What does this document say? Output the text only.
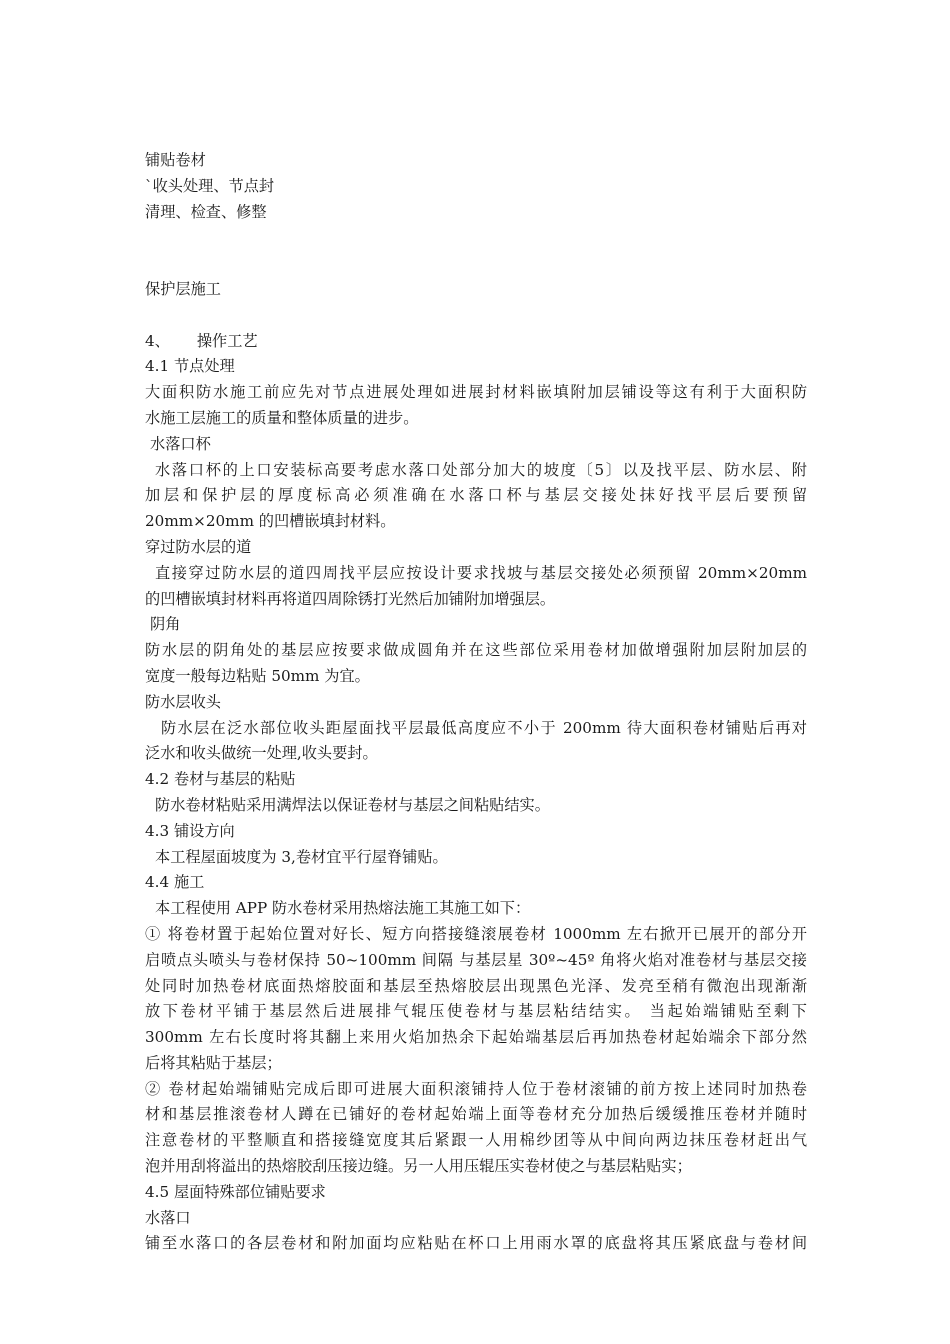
铺贴卷材
`收头处理、节点封
清理、检查、修整
保护层施工
4、 操作工艺
4.1 节点处理
大面积防水施工前应先对节点进展处理如进展封材料嵌填附加层铺设等这有利于大面积防
水施工层施工的质量和整体质量的进步。
水落口杯
水落口杯的上口安装标高要考虑水落口处部分加大的坡度〔5〕以及找平层、防水层、附
加层和保护层的厚度标高必须准确在水落口杯与基层交接处抹好找平层后要预留
20mm×20mm 的凹槽嵌填封材料。
穿过防水层的道
直接穿过防水层的道四周找平层应按设计要求找坡与基层交接处必须预留 20mm×20mm
的凹槽嵌填封材料再将道四周除锈打光然后加铺附加增强层。
阴角
防水层的阴角处的基层应按要求做成圆角并在这些部位采用卷材加做增强附加层附加层的
宽度一般每边粘贴 50mm 为宜。
防水层收头
防水层在泛水部位收头距屋面找平层最低高度应不小于 200mm 待大面积卷材铺贴后再对
泛水和收头做统一处理,收头要封。
4.2 卷材与基层的粘贴
防水卷材粘贴采用满焊法以保证卷材与基层之间粘贴结实。
4.3 铺设方向
本工程屋面坡度为 3,卷材宜平行屋脊铺贴。
4.4 施工
本工程使用 APP 防水卷材采用热熔法施工其施工如下：
① 将卷材置于起始位置对好长、短方向搭接缝滚展卷材 1000mm 左右掀开已展开的部分开
启喷点头喷头与卷材保持 50~100mm 间隔 与基层星 30º~45º 角将火焰对准卷材与基层交接
处同时加热卷材底面热熔胶面和基层至热熔胶层出现黑色光泽、发亮至稍有微泡出现渐渐
放下卷材平铺于基层然后进展排气辊压使卷材与基层粘结结实。 当起始端铺贴至剩下
300mm 左右长度时将其翻上来用火焰加热余下起始端基层后再加热卷材起始端余下部分然
后将其粘贴于基层；
② 卷材起始端铺贴完成后即可进展大面积滚铺持人位于卷材滚铺的前方按上述同时加热卷
材和基层推滚卷材人蹲在已铺好的卷材起始端上面等卷材充分加热后缓缓推压卷材并随时
注意卷材的平整顺直和搭接缝宽度其后紧跟一人用棉纱团等从中间向两边抹压卷材赶出气
泡并用刮将溢出的热熔胶刮压接边缝。另一人用压辊压实卷材使之与基层粘贴实；
4.5 屋面特殊部位铺贴要求
水落口
铺至水落口的各层卷材和附加面均应粘贴在杯口上用雨水罩的底盘将其压紧底盘与卷材间
